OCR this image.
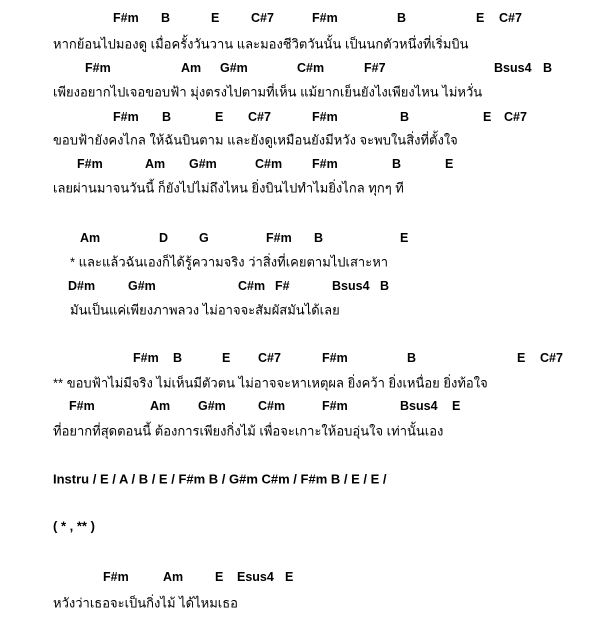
F#m B	E	C#7	F#m	B	E C#7
หากย้อนไปมองดู เมื่อครั้งวันวาน และมองชีวิตวันนั้น เป็นนกตัวหนึ่งที่เริ่มบิน
F#m	Am G#m	C#m	F#7	Bsus4 B
เพียงอยากไปเจอขอบฟ้า มุ่งตรงไปตามที่เห็น แม้ยากเย็นยังไงเพียงไหน ไม่หวั่น
F#m B	E C#7	F#m	B	E C#7
ขอบฟ้ายังคงไกล ให้ฉันบินตาม และยังดูเหมือนยังมีหวัง จะพบในสิ่งที่ตั้งใจ
F#m	Am G#m	C#m F#m	B	E
เลยผ่านมาจนวันนี้ ก็ยังไปไม่ถึงไหน ยิ่งบินไปทำไมยิ่งไกล ทุกๆ ที
Am	D G	F#m B	E
* และแล้วฉันเองก็ได้รู้ความจริง ว่าสิ่งที่เคยตามไปเสาะหา
D#m	G#m	C#m F#	Bsus4 B
มันเป็นแค่เพียงภาพลวง ไม่อาจจะสัมผัสมันได้เลย
F#m B	E C#7	F#m	B	E C#7
** ขอบฟ้าไม่มีจริง ไม่เห็นมีตัวตน ไม่อาจจะหาเหตุผล ยิ่งคว้า ยิ่งเหนื่อย ยิ่งท้อใจ
F#m	Am G#m	C#m	F#m	Bsus4 E
ที่อยากที่สุดตอนนี้ ต้องการเพียงกิ่งไม้ เพื่อจะเกาะให้อบอุ่นใจ เท่านั้นเอง
F#m	Am	E Esus4 E
หวังว่าเธอจะเป็นกิ่งไม้ ได้ไหมเธอ
Instru / E / A / B / E / F#m B / G#m C#m / F#m B / E / E /
( * , ** )
